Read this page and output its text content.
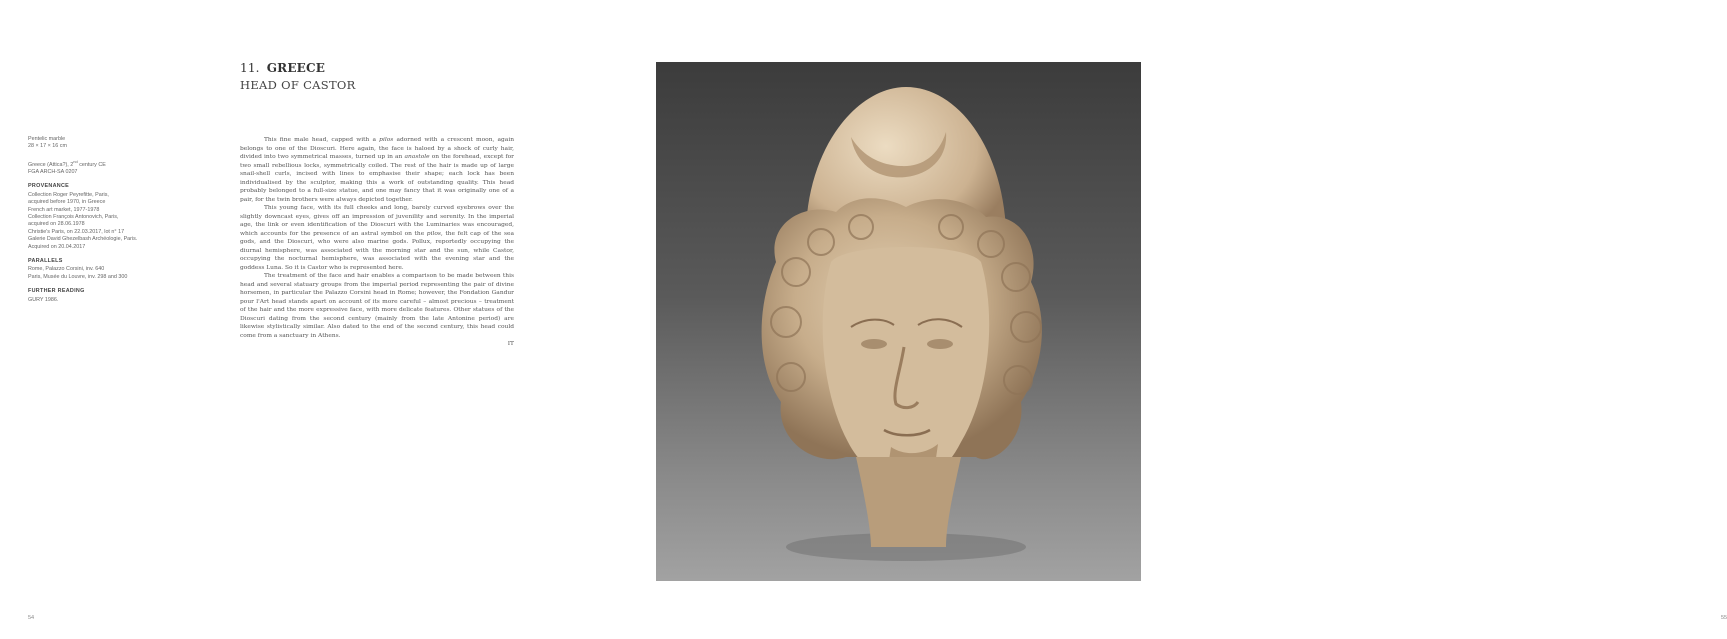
11. GREECE
HEAD OF CASTOR
Pentelic marble
28 × 17 × 16 cm
Greece (Attica?), 2nd century CE
FGA ARCH-SA 0207
PROVENANCE
Collection Roger Peyrefitte, Paris,
acquired before 1970, in Greece
French art market, 1977-1978
Collection François Antonovich, Paris,
acquired on 28.06.1978
Christie's Paris, on 22.03.2017, lot n° 17
Galerie David Ghezelbash Archéologie, Paris.
Acquired on 20.04.2017
PARALLELS
Rome, Palazzo Corsini, inv. 640
Paris, Musée du Louvre, inv. 298 and 300
FURTHER READING
GURY 1986.

This fine male head, capped with a pilos adorned with a crescent moon, again belongs to one of the Dioscuri. Here again, the face is haloed by a shock of curly hair, divided into two symmetrical masses, turned up in an anastole on the forehead, except for two small rebellious locks, symmetrically coiled. The rest of the hair is made up of large snail-shell curls, incised with lines to emphasise their shape; each lock has been individualised by the sculptor, making this a work of outstanding quality. This head probably belonged to a full-size statue, and one may fancy that it was originally one of a pair, for the twin brothers were always depicted together.

This young face, with its full cheeks and long, barely curved eyebrows over the slightly downcast eyes, gives off an impression of juvenility and serenity. In the imperial age, the link or even identification of the Dioscuri with the Luminaries was encouraged, which accounts for the presence of an astral symbol on the pilos, the felt cap of the sea gods, and the Dioscuri, who were also marine gods. Pollux, reportedly occupying the diurnal hemisphere, was associated with the morning star and the sun, while Castor, occupying the nocturnal hemisphere, was associated with the evening star and the goddess Luna. So it is Castor who is represented here.

The treatment of the face and hair enables a comparison to be made between this head and several statuary groups from the imperial period representing the pair of divine horsemen, in particular the Palazzo Corsini head in Rome; however, the Fondation Gandur pour l'Art head stands apart on account of its more careful – almost precious – treatment of the hair and the more expressive face, with more delicate features. Other statues of the Dioscuri dating from the second century (mainly from the late Antonine period) are likewise stylistically similar. Also dated to the end of the second century, this head could come from a sanctuary in Athens.

IT
54	55
